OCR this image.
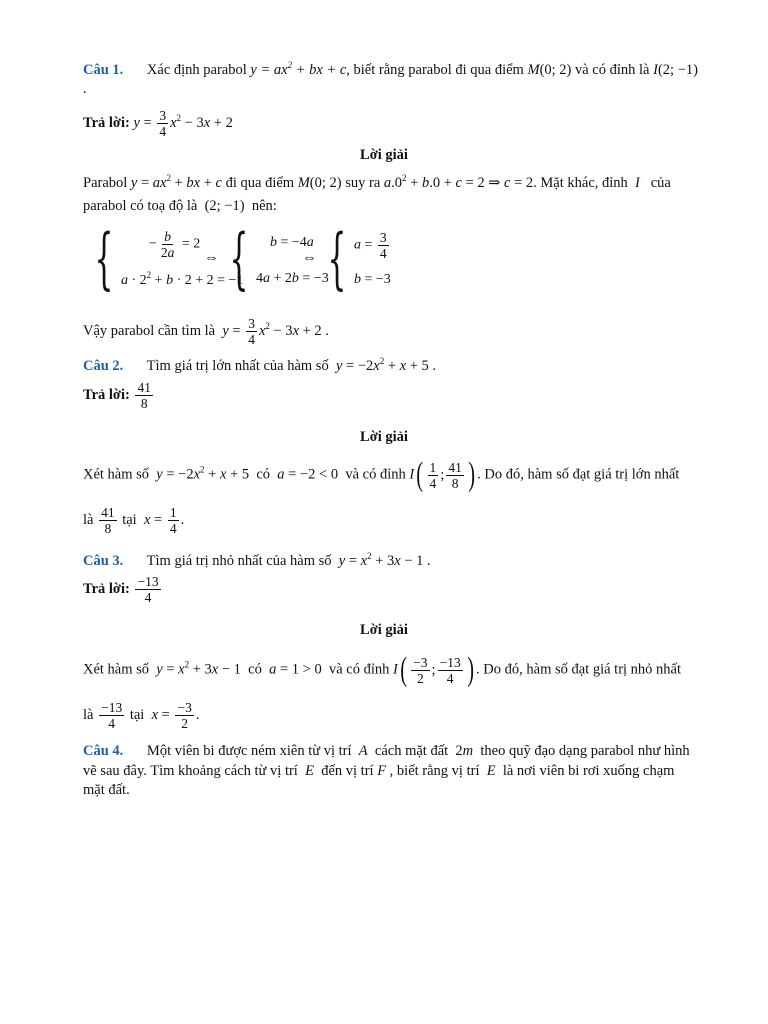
Câu 1. Xác định parabol $y = ax^2$ + bx + c, biết rằng parabol đi qua điểm M(0; 2) và có đỉnh là I(2; −1)
.
Trả lời: $y = \frac{3}{4} x^2 - 3x + 2$
Lời giải
Parabol $y = ax^2$ + bx + c đi qua điểm M(0; 2) suy ra $a.0^2 + b.0 + c = 2$ ⇒ c = 2. Mặt khác, đỉnh  I   của
parabol có toạ độ là  (2; −1)  nên:
{	− $\frac{b}{2a} = 2$
$a \cdot 2^2 + b \cdot 2 + 2 = -1$
⇔ {	b = −4a
4a + 2b = −3
⇔ { $a = \frac{3}{4}$
b = −3
Vậy parabol cần tìm là  $y = \frac{3}{4} x^2 - 3x + 2$ .
Câu 2. Tìm giá trị lớn nhất của hàm số $y = -2x^2 + x + 5$ .
Trả lời: $\frac{41}{8}$
Lời giải
Xét hàm số $y = -2x^2 + x + 5$  có a = −2 < 0  và có đỉnh I ( $\frac{1}{4}$ ; $\frac{41}{8}$ ) . Do đó, hàm số đạt giá trị lớn nhất
là $\frac{41}{8}$ tại $x = \frac{1}{4}$ .
Câu 3. Tìm giá trị nhỏ nhất của hàm số $y = x^2 + 3x - 1$ .
Trả lời: $\frac{-13}{4}$
Lời giải
Xét hàm số $y = x^2 + 3x - 1$  có a = 1 > 0  và có đỉnh I ( $\frac{-3}{2}$ ; $\frac{-13}{4}$ ) . Do đó, hàm số đạt giá trị nhỏ nhất
là $\frac{-13}{4}$ tại $x = \frac{-3}{2}$ .
Câu 4. Một viên bi được ném xiên từ vị trí  A  cách mặt đất  2m  theo quỹ đạo dạng parabol như hình
vẽ sau đây. Tìm khoảng cách từ vị trí  E  đến vị trí F , biết rằng vị trí  E  là nơi viên bi rơi xuống chạm
mặt đất.
